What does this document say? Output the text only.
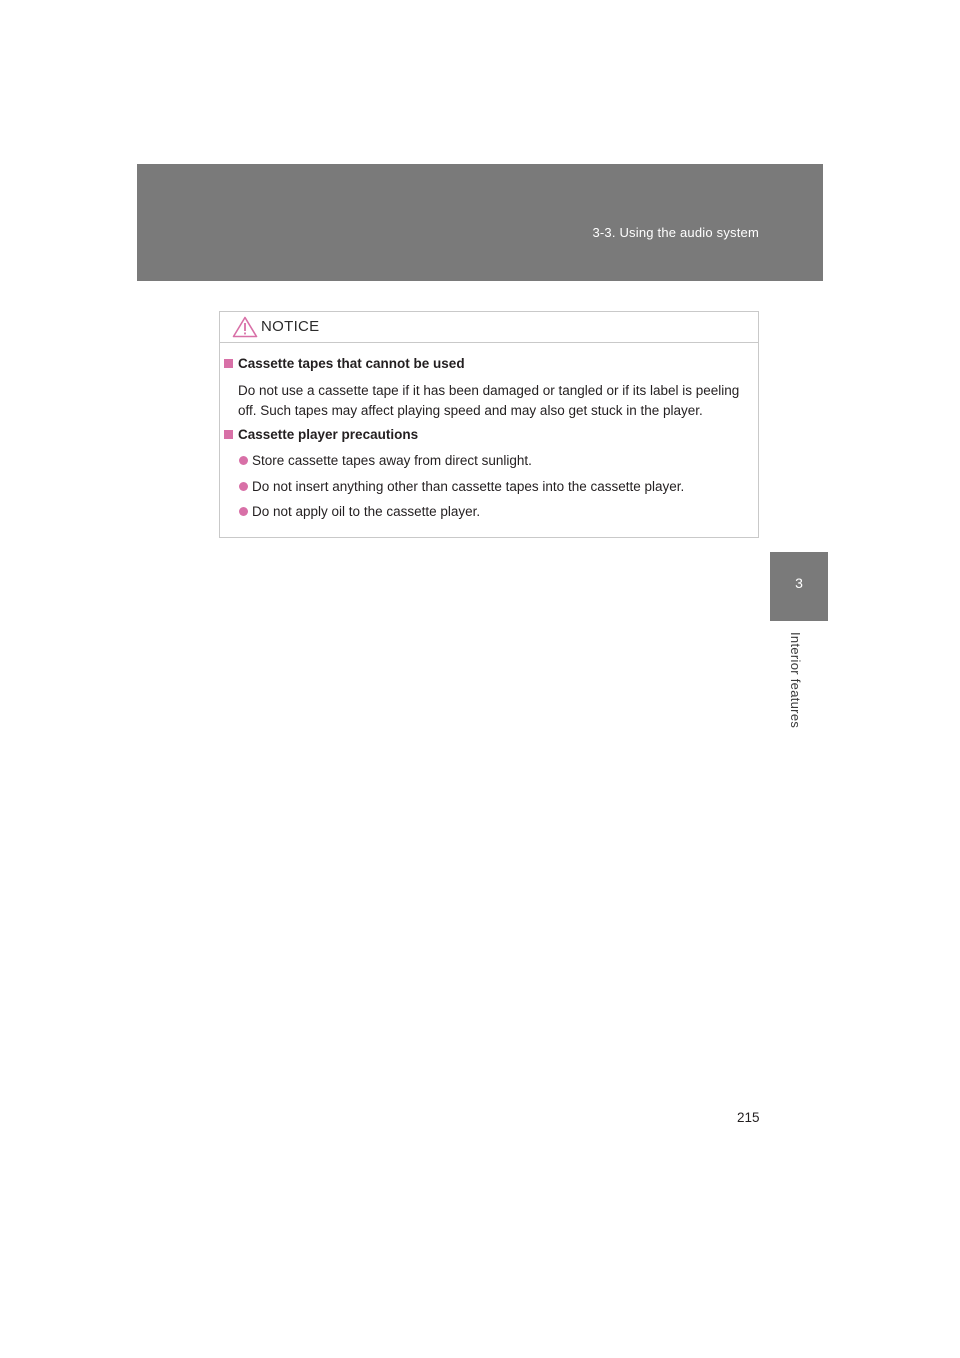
3-3. Using the audio system
3
Interior features
NOTICE
Cassette tapes that cannot be used
Do not use a cassette tape if it has been damaged or tangled or if its label is peeling off. Such tapes may affect playing speed and may also get stuck in the player.
Cassette player precautions
Store cassette tapes away from direct sunlight.
Do not insert anything other than cassette tapes into the cassette player.
Do not apply oil to the cassette player.
215
